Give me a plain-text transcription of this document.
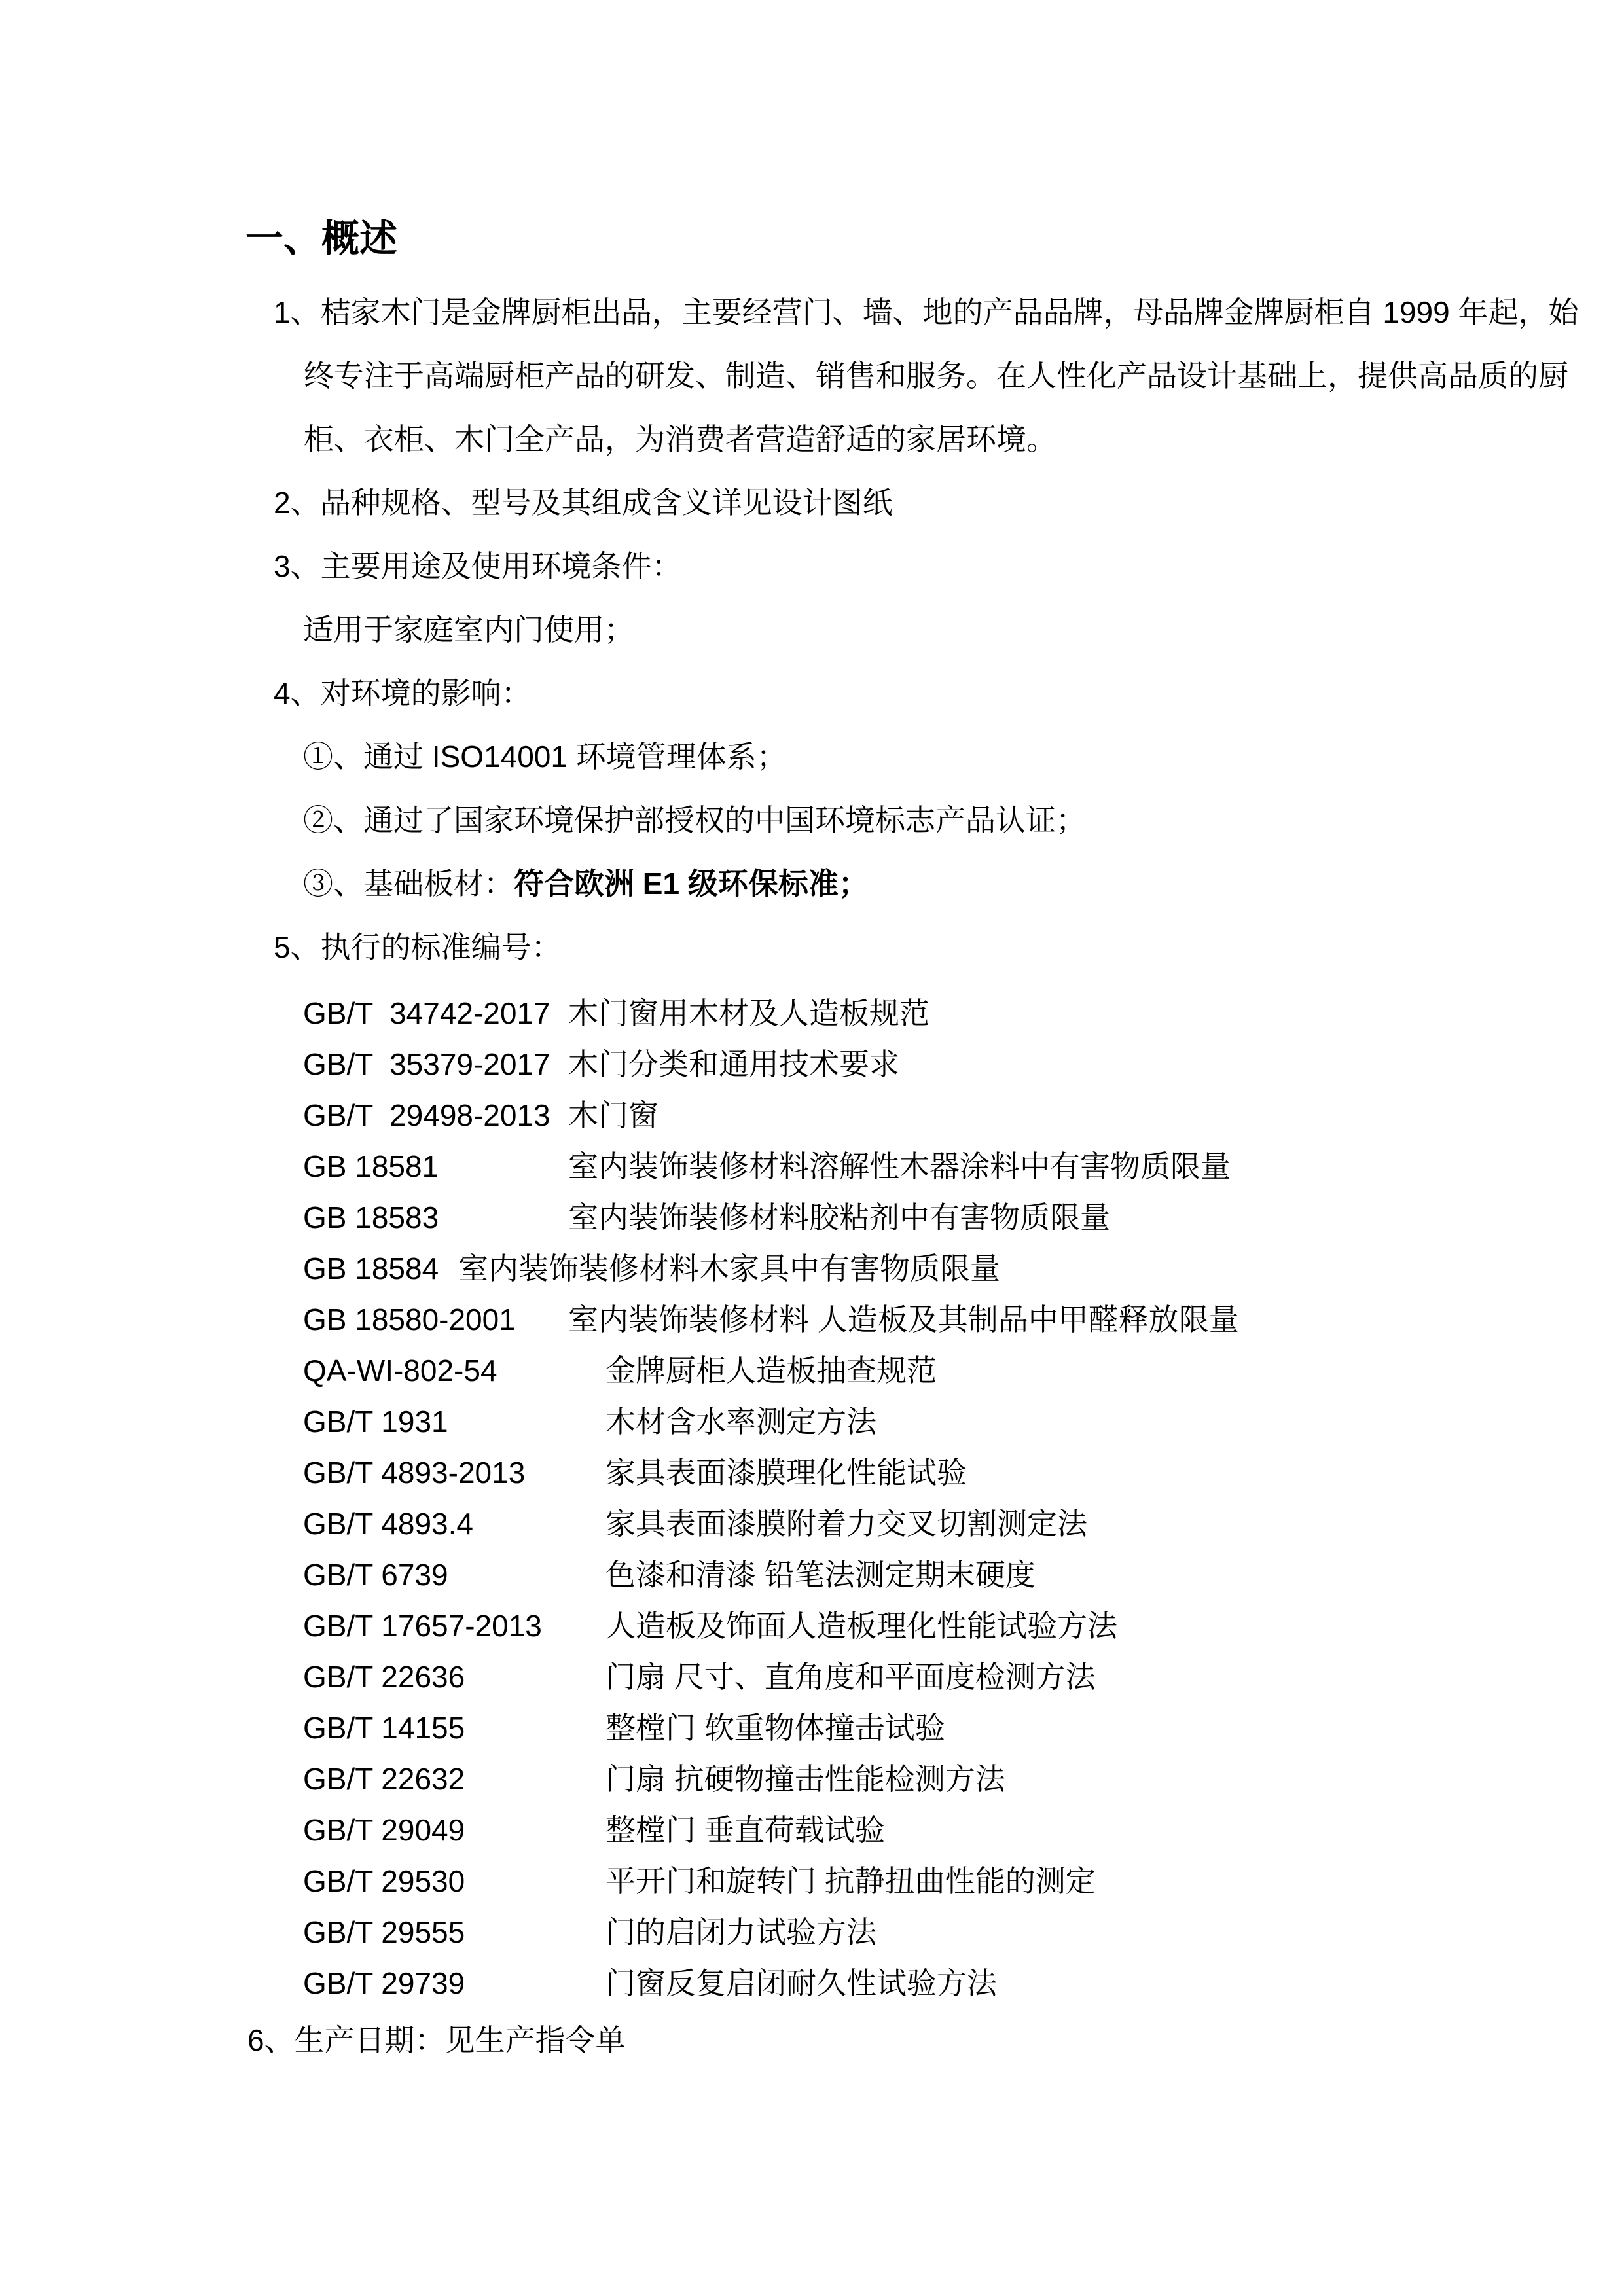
一、概述
1、桔家木门是金牌厨柜出品，主要经营门、墙、地的产品品牌，母品牌金牌厨柜自 1999 年起，始
终专注于高端厨柜产品的研发、制造、销售和服务。在人性化产品设计基础上，提供高品质的厨
柜、衣柜、木门全产品，为消费者营造舒适的家居环境。
2、品种规格、型号及其组成含义详见设计图纸
3、主要用途及使用环境条件：
适用于家庭室内门使用；
4、对环境的影响：
①、通过 ISO14001 环境管理体系；
②、通过了国家环境保护部授权的中国环境标志产品认证；
③、基础板材：符合欧洲 E1 级环保标准；
5、执行的标准编号：
GB/T  34742-2017 木门窗用木材及人造板规范
GB/T  35379-2017 木门分类和通用技术要求
GB/T  29498-2013 木门窗
GB 18581	室内装饰装修材料溶解性木器涂料中有害物质限量
GB 18583	室内装饰装修材料胶粘剂中有害物质限量
GB 18584 室内装饰装修材料木家具中有害物质限量
GB 18580-2001	室内装饰装修材料 人造板及其制品中甲醛释放限量
QA-WI-802-54	金牌厨柜人造板抽查规范
GB/T 1931	木材含水率测定方法
GB/T 4893-2013	家具表面漆膜理化性能试验
GB/T 4893.4	家具表面漆膜附着力交叉切割测定法
GB/T 6739	色漆和清漆 铅笔法测定期末硬度
GB/T 17657-2013	人造板及饰面人造板理化性能试验方法
GB/T 22636	门扇 尺寸、直角度和平面度检测方法
GB/T 14155	整樘门 软重物体撞击试验
GB/T 22632	门扇 抗硬物撞击性能检测方法
GB/T 29049	整樘门 垂直荷载试验
GB/T 29530	平开门和旋转门 抗静扭曲性能的测定
GB/T 29555	门的启闭力试验方法
GB/T 29739	门窗反复启闭耐久性试验方法
6、生产日期：见生产指令单
